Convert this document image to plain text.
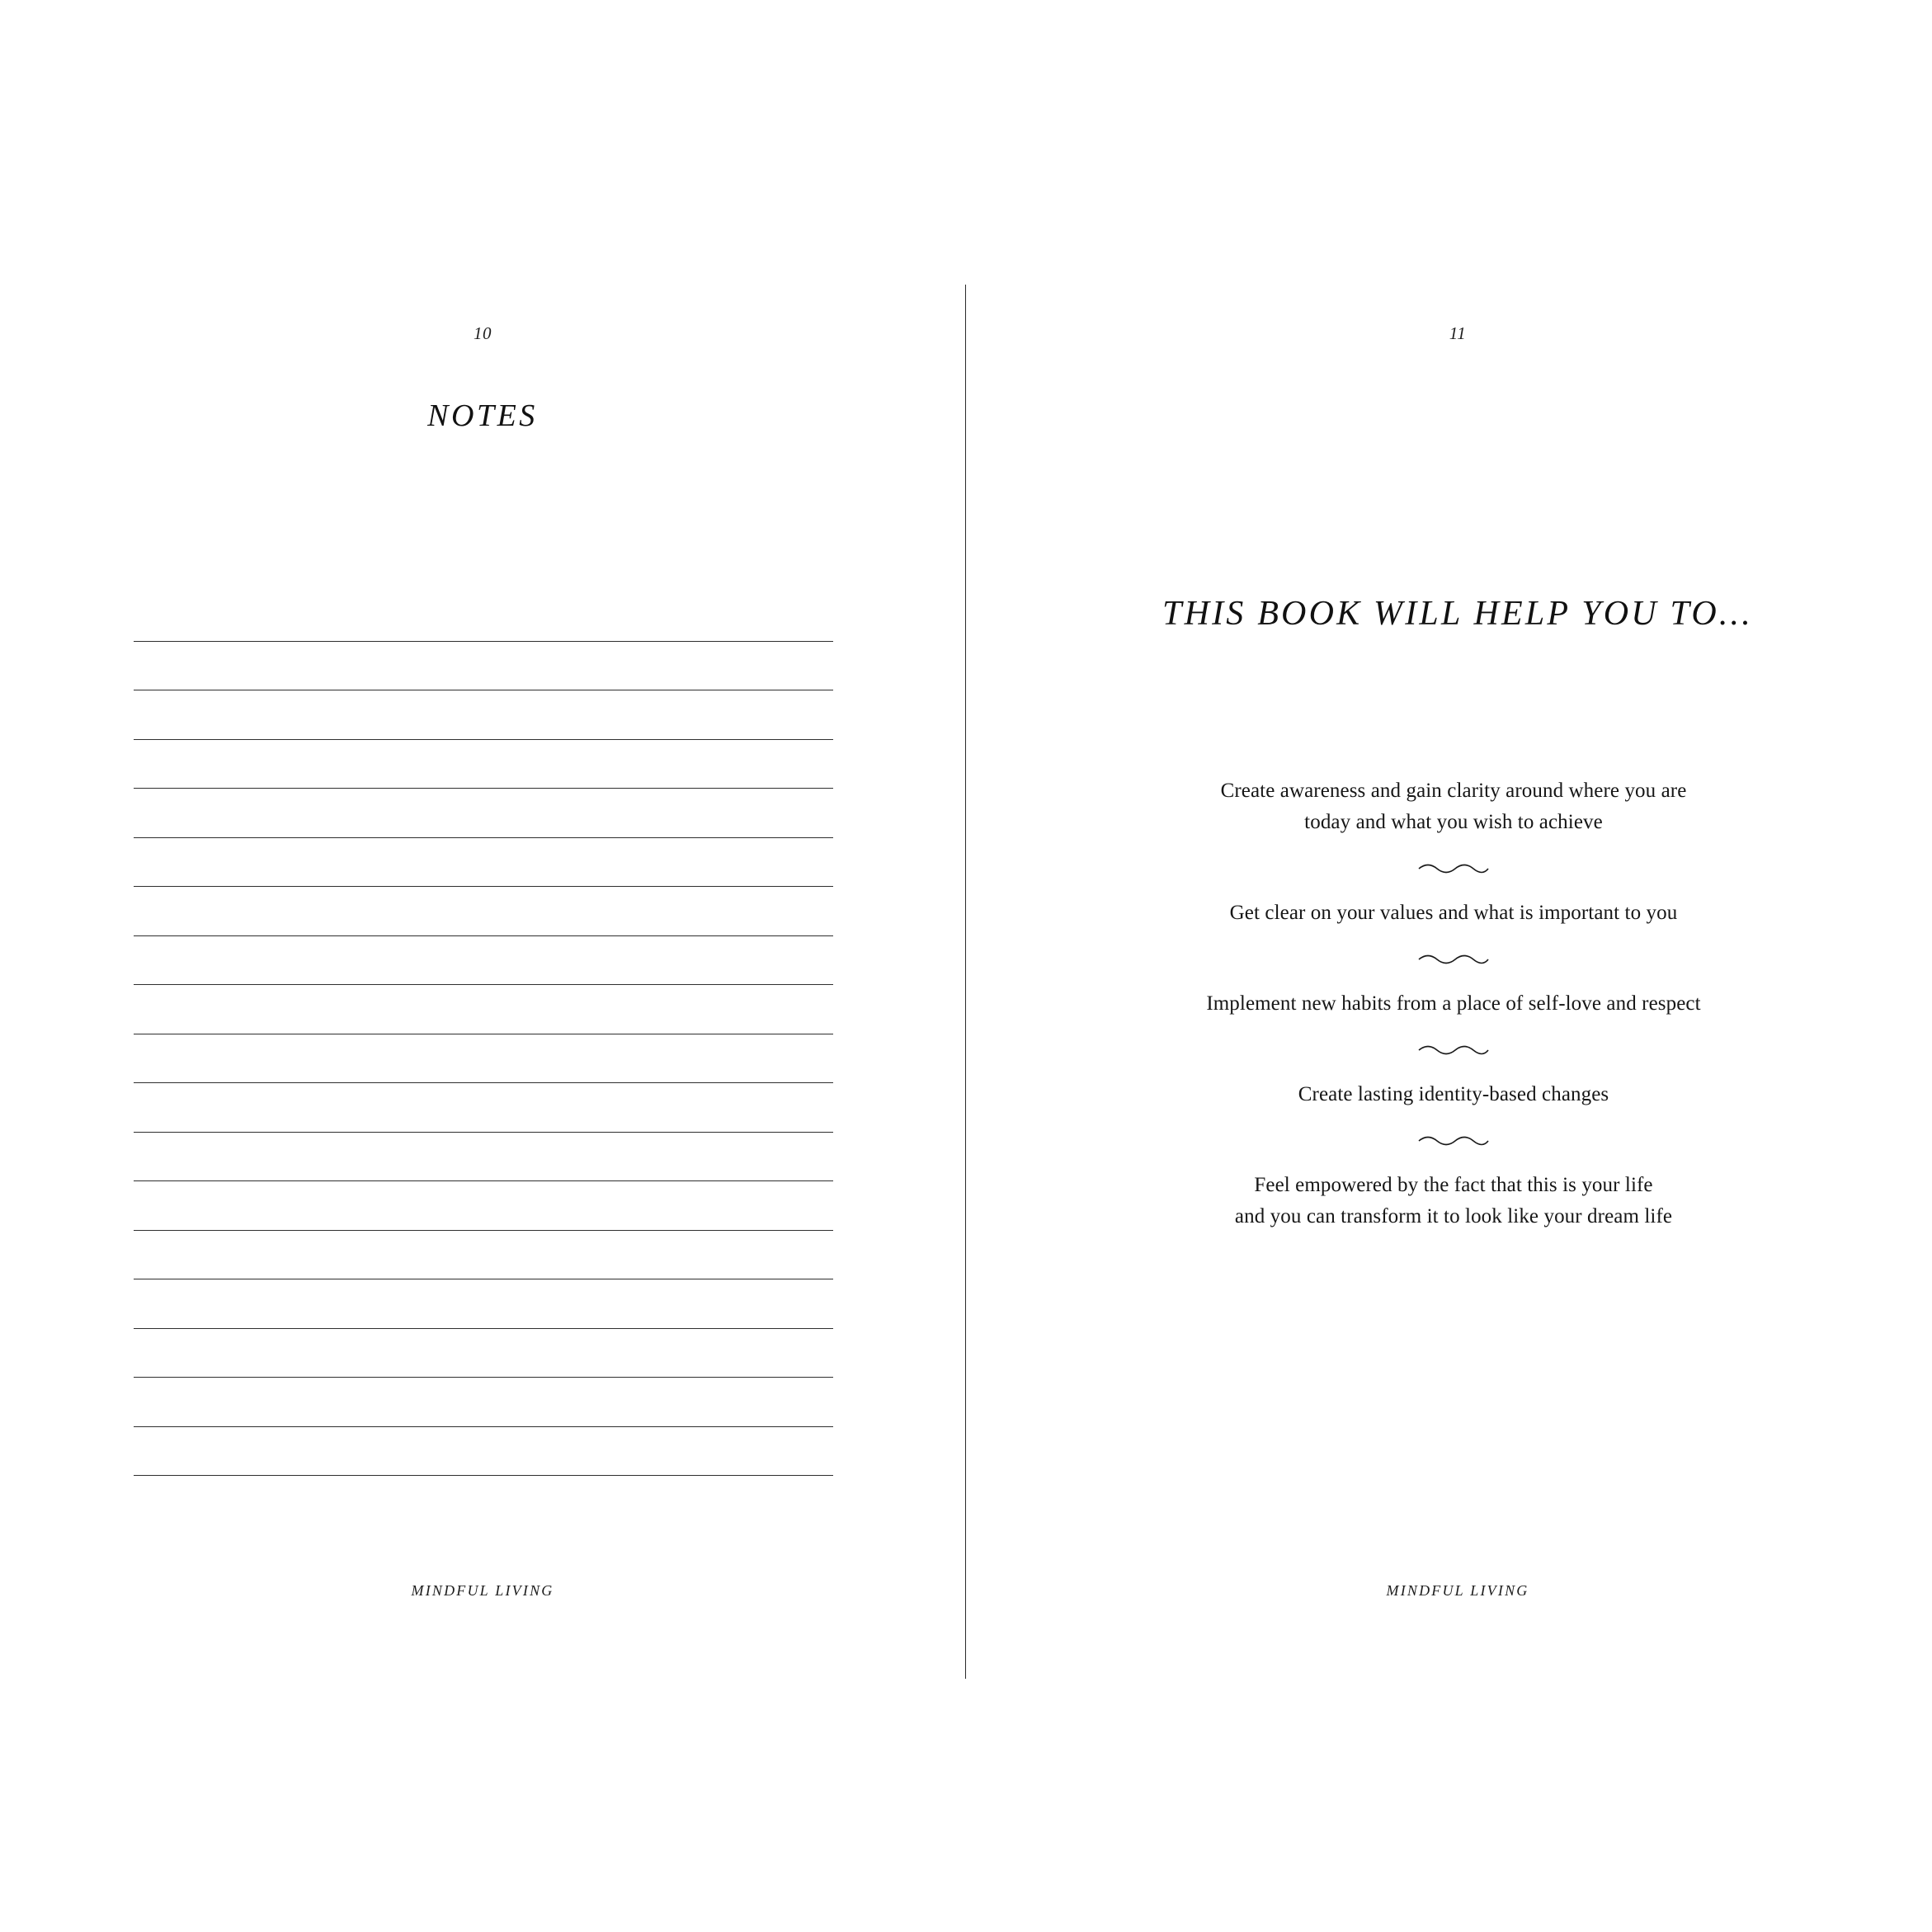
10
NOTES
MINDFUL LIVING
11
THIS BOOK WILL HELP YOU TO...
Create awareness and gain clarity around where you are
today and what you wish to achieve
Get clear on your values and what is important to you
Implement new habits from a place of self-love and respect
Create lasting identity-based changes
Feel empowered by the fact that this is your life
and you can transform it to look like your dream life
MINDFUL LIVING
